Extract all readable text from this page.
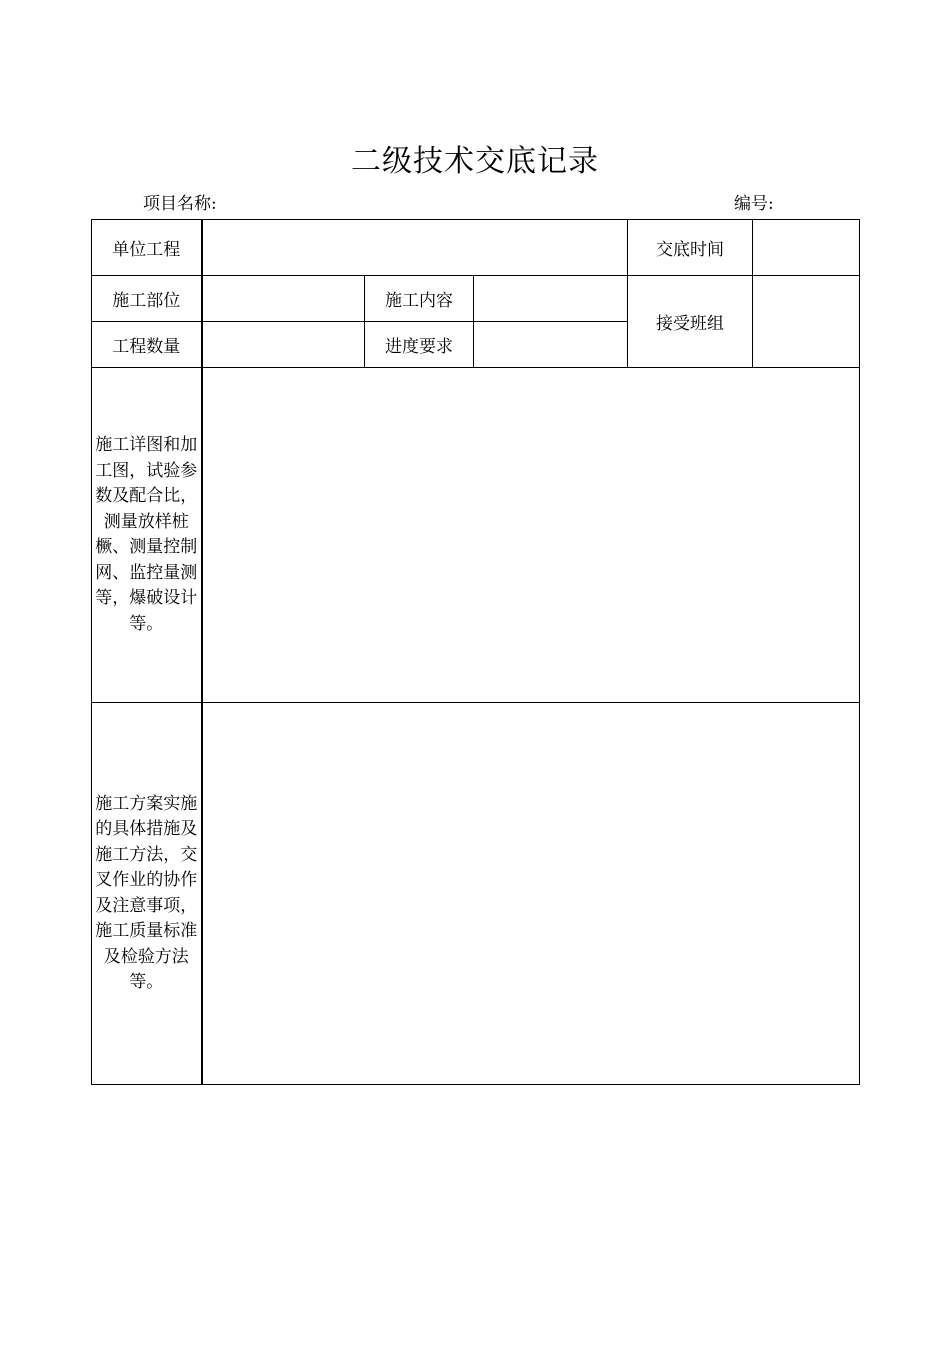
二级技术交底记录
项目名称:	编号:
单位工程				交底时间	
施工部位		施工内容		接受班组	
工程数量		进度要求			

施工详图和加工图，试验参数及配合比，测量放样桩橛、测量控制网、监控量测等，爆破设计等。					

施工方案实施的具体措施及施工方法，交叉作业的协作及注意事项，施工质量标准及检验方法等。					
